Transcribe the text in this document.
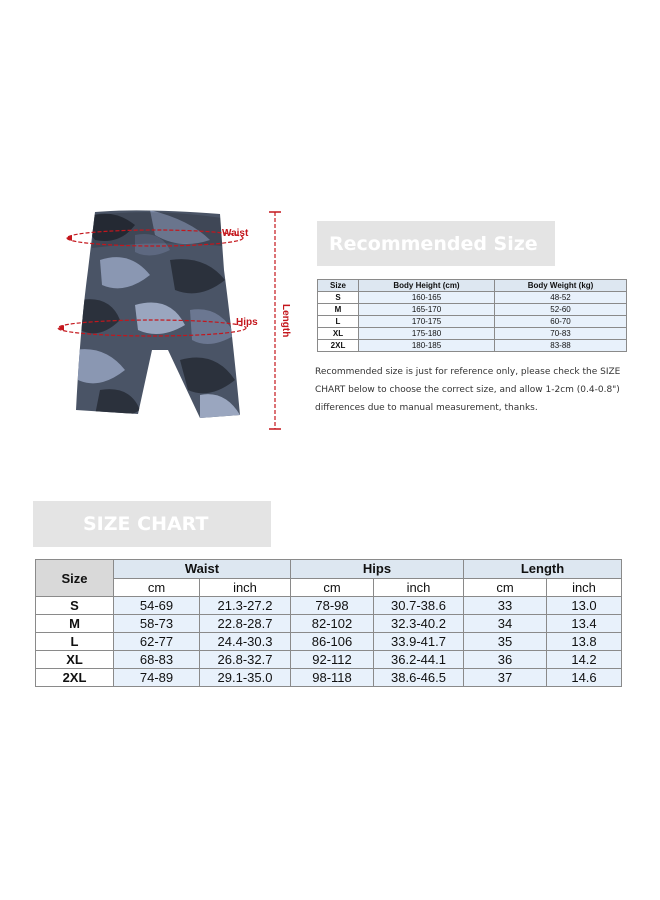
Waist
Hips Length
Recommended Size
Size	Body Height (cm)	Body Weight (kg)
S	160-165	48-52
M	165-170	52-60
L	170-175	60-70
XL	175-180	70-83
2XL	180-185	83-88
Recommended size is just for reference only, please check the SIZE CHART below to choose the correct size, and allow 1-2cm (0.4-0.8") differences due to manual measurement, thanks.
SIZE CHART
Size	Waist		Hips		Length	
	cm	inch	cm	inch	cm	inch
S	54-69	21.3-27.2	78-98	30.7-38.6	33	13.0
M	58-73	22.8-28.7	82-102	32.3-40.2	34	13.4
L	62-77	24.4-30.3	86-106	33.9-41.7	35	13.8
XL	68-83	26.8-32.7	92-112	36.2-44.1	36	14.2
2XL	74-89	29.1-35.0	98-118	38.6-46.5	37	14.6
